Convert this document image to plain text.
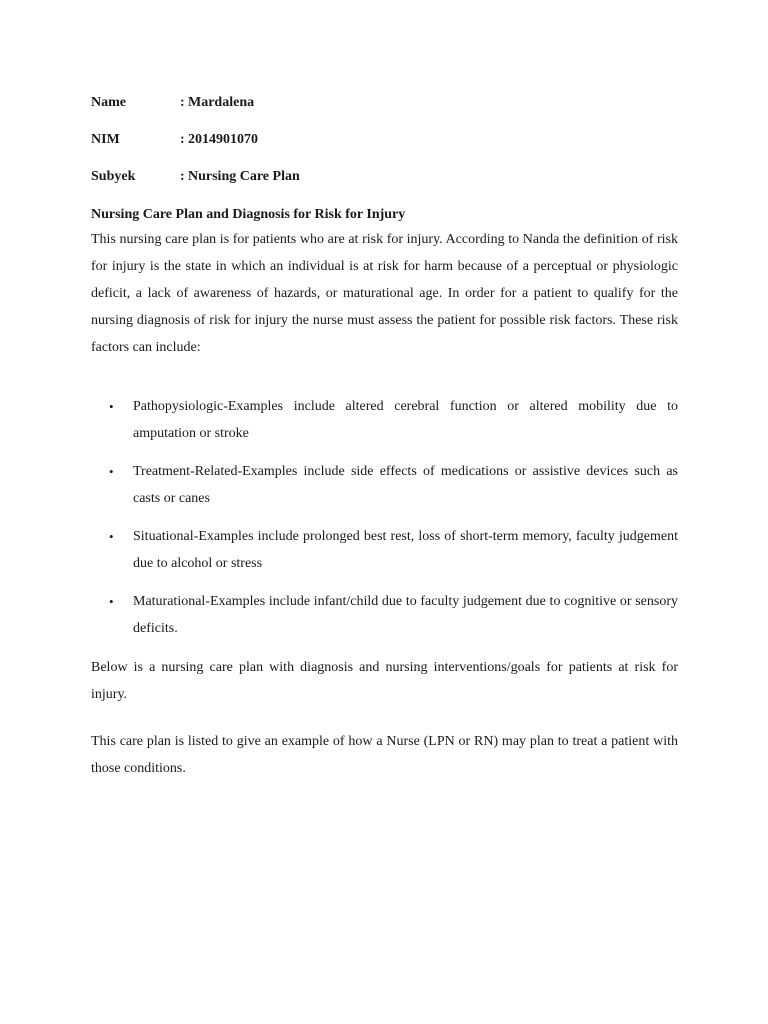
Name	: Mardalena
NIM	: 2014901070
Subyek	: Nursing Care Plan
Nursing Care Plan and Diagnosis for Risk for Injury

This nursing care plan is for patients who are at risk for injury. According to Nanda the definition of risk for injury is the state in which an individual is at risk for harm because of a perceptual or physiologic deficit, a lack of awareness of hazards, or maturational age. In order for a patient to qualify for the nursing diagnosis of risk for injury the nurse must assess the patient for possible risk factors. These risk factors can include:

• Pathopysiologic-Examples include altered cerebral function or altered mobility due to amputation or stroke
• Treatment-Related-Examples include side effects of medications or assistive devices such as casts or canes
• Situational-Examples include prolonged best rest, loss of short-term memory, faculty judgement due to alcohol or stress
• Maturational-Examples include infant/child due to faculty judgement due to cognitive or sensory deficits.

Below is a nursing care plan with diagnosis and nursing interventions/goals for patients at risk for injury.

This care plan is listed to give an example of how a Nurse (LPN or RN) may plan to treat a patient with those conditions.
